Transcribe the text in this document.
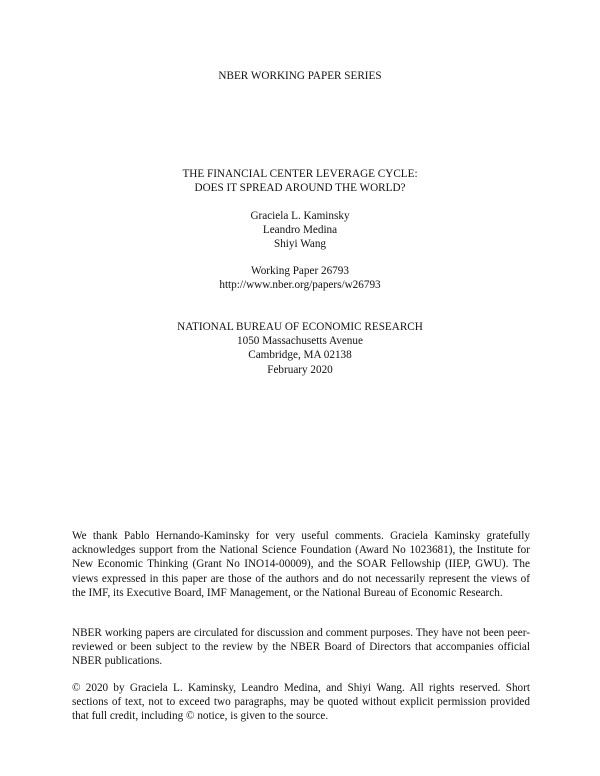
NBER WORKING PAPER SERIES
THE FINANCIAL CENTER LEVERAGE CYCLE:
DOES IT SPREAD AROUND THE WORLD?
Graciela L. Kaminsky
Leandro Medina
Shiyi Wang
Working Paper 26793
http://www.nber.org/papers/w26793
NATIONAL BUREAU OF ECONOMIC RESEARCH
1050 Massachusetts Avenue
Cambridge, MA 02138
February 2020

We thank Pablo Hernando-Kaminsky for very useful comments. Graciela Kaminsky gratefully acknowledges support from the National Science Foundation (Award No 1023681), the Institute for New Economic Thinking (Grant No INO14-00009), and the SOAR Fellowship (IIEP, GWU). The views expressed in this paper are those of the authors and do not necessarily represent the views of the IMF, its Executive Board, IMF Management, or the National Bureau of Economic Research.

NBER working papers are circulated for discussion and comment purposes. They have not been peer-reviewed or been subject to the review by the NBER Board of Directors that accompanies official NBER publications.

© 2020 by Graciela L. Kaminsky, Leandro Medina, and Shiyi Wang. All rights reserved. Short sections of text, not to exceed two paragraphs, may be quoted without explicit permission provided that full credit, including © notice, is given to the source.
